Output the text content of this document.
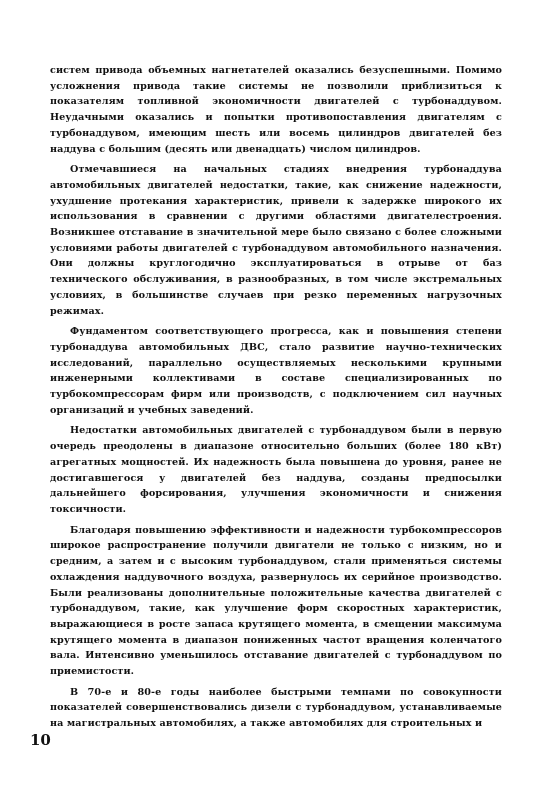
систем привода объемных нагнетателей оказались безуспешными. Помимо усложнения привода такие системы не позволили приблизиться к показателям топливной экономичности двигателей с турбонаддувом. Неудачными оказались и попытки противопоставления двигателям с турбонаддувом, имеющим шесть или восемь цилиндров двигателей без наддува с большим (десять или двенадцать) числом цилиндров.

Отмечавшиеся на начальных стадиях внедрения турбонаддува автомобильных двигателей недостатки, такие, как снижение надежности, ухудшение протекания характеристик, привели к задержке широкого их использования в сравнении с другими областями двигателестроения. Возникшее отставание в значительной мере было связано с более сложными условиями работы двигателей с турбонаддувом автомобильного назначения. Они должны круглогодично эксплуатироваться в отрыве от баз технического обслуживания, в разнообразных, в том числе экстремальных условиях, в большинстве случаев при резко переменных нагрузочных режимах.

Фундаментом соответствующего прогресса, как и повышения степени турбонаддува автомобильных ДВС, стало развитие научно-технических исследований, параллельно осуществляемых несколькими крупными инженерными коллективами в составе специализированных по турбокомпрессорам фирм или производств, с подключением сил научных организаций и учебных заведений.

Недостатки автомобильных двигателей с турбонаддувом были в первую очередь преодолены в диапазоне относительно больших (более 180 кВт) агрегатных мощностей. Их надежность была повышена до уровня, ранее не достигавшегося у двигателей без наддува, созданы предпосылки дальнейшего форсирования, улучшения экономичности и снижения токсичности.

Благодаря повышению эффективности и надежности турбокомпрессоров широкое распространение получили двигатели не только с низким, но и средним, а затем и с высоким турбонаддувом, стали применяться системы охлаждения наддувочного воздуха, развернулось их серийное производство. Были реализованы дополнительные положительные качества двигателей с турбонаддувом, такие, как улучшение форм скоростных характеристик, выражающиеся в росте запаса крутящего момента, в смещении максимума крутящего момента в диапазон пониженных частот вращения коленчатого вала. Интенсивно уменьшилось отставание двигателей с турбонаддувом по приемистости.

В 70-е и 80-е годы наиболее быстрыми темпами по совокупности показателей совершенствовались дизели с турбонаддувом, устанавливаемые на магистральных автомобилях, а также автомобилях для строительных и

10
